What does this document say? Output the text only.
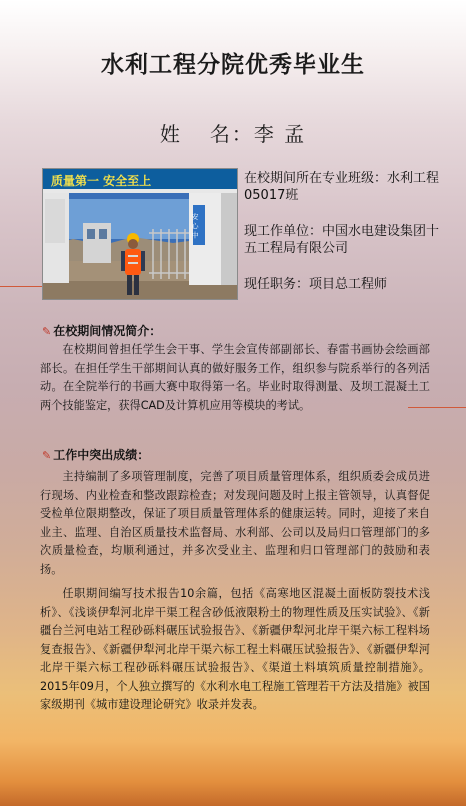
水利工程分院优秀毕业生
姓 名：李 孟
质量第一 安全至上
安 心 中

在校期间所在专业班级：水利工程05017班

现工作单位：中国水电建设集团十五工程局有限公司

现任职务：项目总工程师

✎ 在校期间情况简介：

在校期间曾担任学生会干事、学生会宣传部副部长、春雷书画协会绘画部部长。在担任学生干部期间认真的做好服务工作，组织参与院系举行的各列活动。在全院举行的书画大赛中取得第一名。毕业时取得测量、及坝工混凝土工两个技能鉴定，获得CAD及计算机应用等模块的考试。

✎ 工作中突出成绩：

主持编制了多项管理制度，完善了项目质量管理体系，组织质委会成员进行现场、内业检查和整改跟踪检查；对发现问题及时上报主管领导，认真督促受检单位限期整改，保证了项目质量管理体系的健康运转。同时，迎接了来自业主、监理、自治区质量技术监督局、水利部、公司以及局归口管理部门的多次质量检查，均顺利通过，并多次受业主、监理和归口管理部门的鼓励和表扬。

任职期间编写技术报告10余篇，包括《高寒地区混凝土面板防裂技术浅析》、《浅谈伊犁河北岸干渠工程含砂低液限粉土的物理性质及压实试验》、《新疆台兰河电站工程砂砾料碾压试验报告》、《新疆伊犁河北岸干渠六标工程料场复查报告》、《新疆伊犁河北岸干渠六标工程土料碾压试验报告》、《新疆伊犁河北岸干渠六标工程砂砾料碾压试验报告》、《渠道土料填筑质量控制措施》。2015年09月，个人独立撰写的《水利水电工程施工管理若干方法及措施》被国家级期刊《城市建设理论研究》收录并发表。
